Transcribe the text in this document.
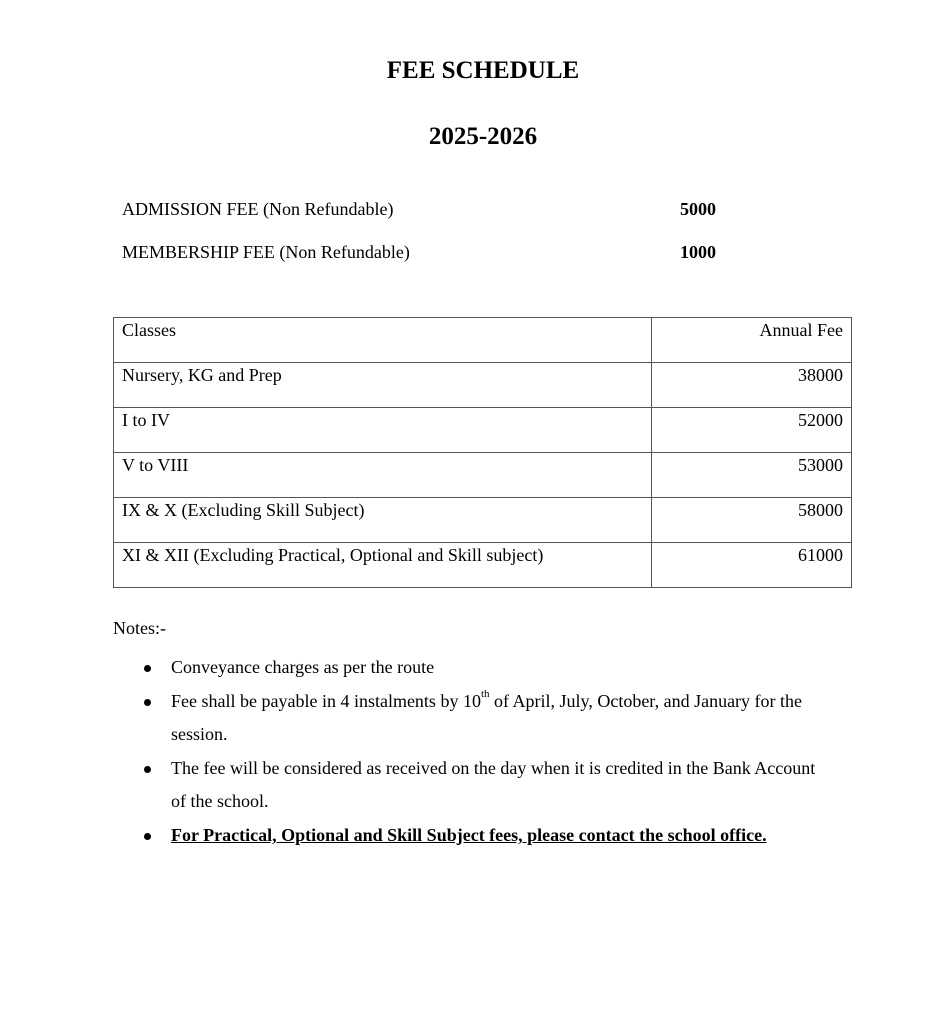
FEE SCHEDULE
2025-2026
ADMISSION FEE (Non Refundable)	5000
MEMBERSHIP FEE (Non Refundable)	1000
Classes	Annual Fee
Nursery, KG and Prep	38000
I to IV	52000
V to VIII	53000
IX & X (Excluding Skill Subject)	58000
XI & XII (Excluding Practical, Optional and Skill subject)	61000
Notes:-
Conveyance charges as per the route
Fee shall be payable in 4 instalments by 10th of April, July, October, and January for the session.
The fee will be considered as received on the day when it is credited in the Bank Account of the school.
For Practical, Optional and Skill Subject fees, please contact the school office.
